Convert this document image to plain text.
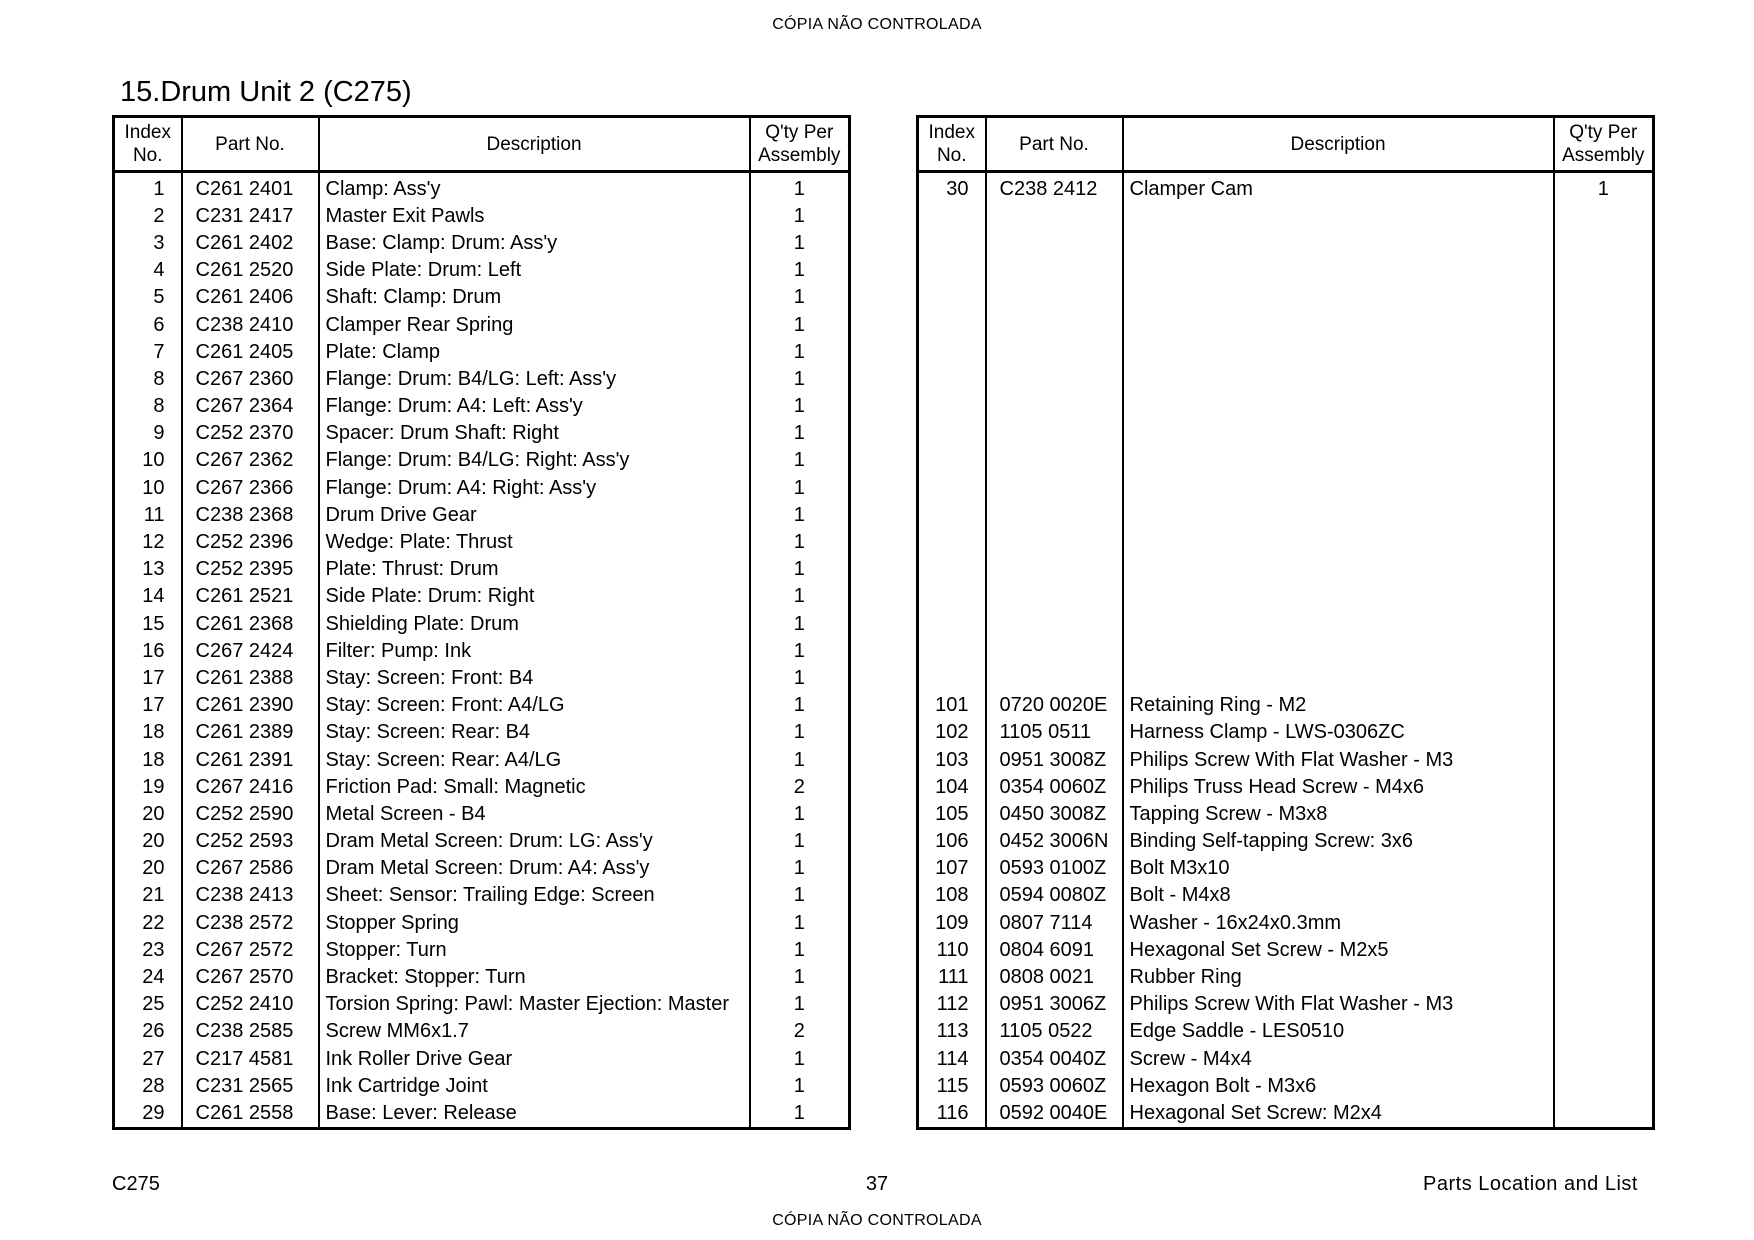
CÓPIA NÃO CONTROLADA
15.Drum Unit 2 (C275)
Index No.	Part No.	Description	Q'ty Per Assembly
1	C261 2401	Clamp: Ass'y	1
2	C231 2417	Master Exit Pawls	1
3	C261 2402	Base: Clamp: Drum: Ass'y	1
4	C261 2520	Side Plate: Drum: Left	1
5	C261 2406	Shaft: Clamp: Drum	1
6	C238 2410	Clamper Rear Spring	1
7	C261 2405	Plate: Clamp	1
8	C267 2360	Flange: Drum: B4/LG: Left: Ass'y	1
8	C267 2364	Flange: Drum: A4: Left: Ass'y	1
9	C252 2370	Spacer: Drum Shaft: Right	1
10	C267 2362	Flange: Drum: B4/LG: Right: Ass'y	1
10	C267 2366	Flange: Drum: A4: Right: Ass'y	1
11	C238 2368	Drum Drive Gear	1
12	C252 2396	Wedge: Plate: Thrust	1
13	C252 2395	Plate: Thrust: Drum	1
14	C261 2521	Side Plate: Drum: Right	1
15	C261 2368	Shielding Plate: Drum	1
16	C267 2424	Filter: Pump: Ink	1
17	C261 2388	Stay: Screen: Front: B4	1
17	C261 2390	Stay: Screen: Front: A4/LG	1
18	C261 2389	Stay: Screen: Rear: B4	1
18	C261 2391	Stay: Screen: Rear: A4/LG	1
19	C267 2416	Friction Pad: Small: Magnetic	2
20	C252 2590	Metal Screen - B4	1
20	C252 2593	Dram Metal Screen: Drum: LG: Ass'y	1
20	C267 2586	Dram Metal Screen: Drum: A4: Ass'y	1
21	C238 2413	Sheet: Sensor: Trailing Edge: Screen	1
22	C238 2572	Stopper Spring	1
23	C267 2572	Stopper: Turn	1
24	C267 2570	Bracket: Stopper: Turn	1
25	C252 2410	Torsion Spring: Pawl: Master Ejection: Master	1
26	C238 2585	Screw MM6x1.7	2
27	C217 4581	Ink Roller Drive Gear	1
28	C231 2565	Ink Cartridge Joint	1
29	C261 2558	Base: Lever: Release	1
Index No.	Part No.	Description	Q'ty Per Assembly
30	C238 2412	Clamper Cam	1

101	0720 0020E	Retaining Ring - M2	
102	1105 0511	Harness Clamp - LWS-0306ZC	
103	0951 3008Z	Philips Screw With Flat Washer - M3	
104	0354 0060Z	Philips Truss Head Screw - M4x6	
105	0450 3008Z	Tapping Screw - M3x8	
106	0452 3006N	Binding Self-tapping Screw: 3x6	
107	0593 0100Z	Bolt M3x10	
108	0594 0080Z	Bolt - M4x8	
109	0807 7114	Washer - 16x24x0.3mm	
110	0804 6091	Hexagonal Set Screw - M2x5	
111	0808 0021	Rubber Ring	
112	0951 3006Z	Philips Screw With Flat Washer - M3	
113	1105 0522	Edge Saddle - LES0510	
114	0354 0040Z	Screw - M4x4	
115	0593 0060Z	Hexagon Bolt - M3x6	
116	0592 0040E	Hexagonal Set Screw: M2x4	
C275	37	Parts Location and List
CÓPIA NÃO CONTROLADA
